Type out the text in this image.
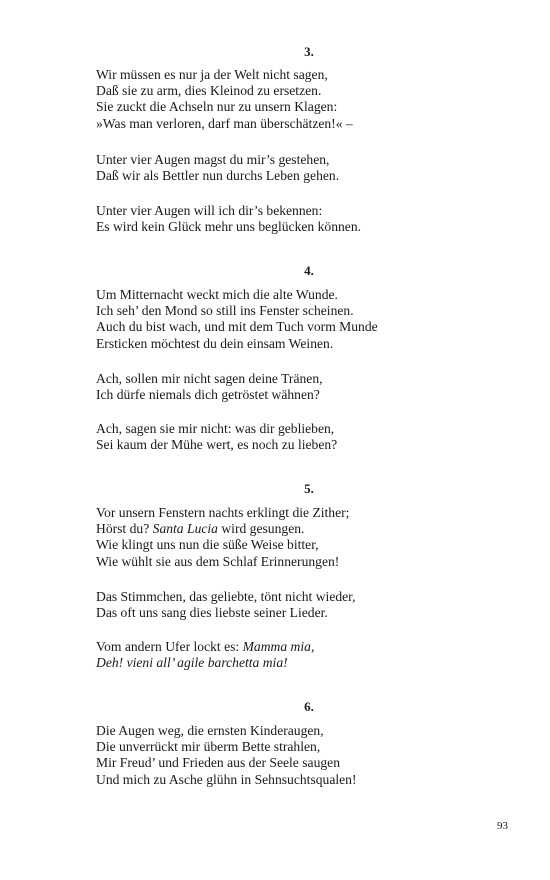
3.

Wir müssen es nur ja der Welt nicht sagen,
Daß sie zu arm, dies Kleinod zu ersetzen.
Sie zuckt die Achseln nur zu unsern Klagen:
»Was man verloren, darf man überschätzen!« –

Unter vier Augen magst du mir’s gestehen,
Daß wir als Bettler nun durchs Leben gehen.

Unter vier Augen will ich dir’s bekennen:
Es wird kein Glück mehr uns beglücken können.

4.

Um Mitternacht weckt mich die alte Wunde.
Ich seh’ den Mond so still ins Fenster scheinen.
Auch du bist wach, und mit dem Tuch vorm Munde
Ersticken möchtest du dein einsam Weinen.

Ach, sollen mir nicht sagen deine Tränen,
Ich dürfe niemals dich getröstet wähnen?

Ach, sagen sie mir nicht: was dir geblieben,
Sei kaum der Mühe wert, es noch zu lieben?

5.

Vor unsern Fenstern nachts erklingt die Zither;
Hörst du? Santa Lucia wird gesungen.
Wie klingt uns nun die süße Weise bitter,
Wie wühlt sie aus dem Schlaf Erinnerungen!

Das Stimmchen, das geliebte, tönt nicht wieder,
Das oft uns sang dies liebste seiner Lieder.

Vom andern Ufer lockt es: Mamma mia,
Deh! vieni all’ agile barchetta mia!

6.

Die Augen weg, die ernsten Kinderaugen,
Die unverrückt mir überm Bette strahlen,
Mir Freud’ und Frieden aus der Seele saugen
Und mich zu Asche glühn in Sehnsuchtsqualen!

93
